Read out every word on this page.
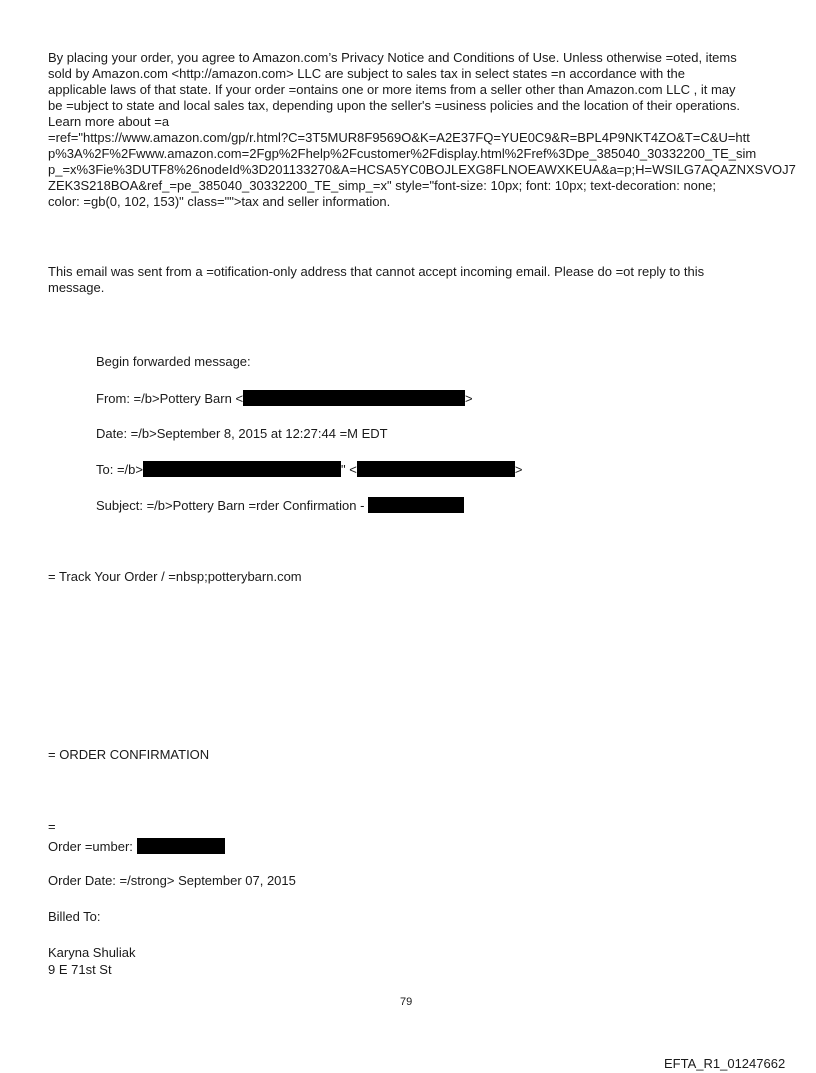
By placing your order, you agree to Amazon.com’s Privacy Notice and Conditions of Use. Unless otherwise =oted, items
sold by Amazon.com <http://amazon.com> LLC are subject to sales tax in select states =n accordance with the
applicable laws of that state. If your order =ontains one or more items from a seller other than Amazon.com LLC , it may
be =ubject to state and local sales tax, depending upon the seller's =usiness policies and the location of their operations.
Learn more about =a
=ref="https://www.amazon.com/gp/r.html?C=3T5MUR8F9569O&K=A2E37FQ=YUE0C9&R=BPL4P9NKT4ZO&T=C&U=htt
p%3A%2F%2Fwww.amazon.com=2Fgp%2Fhelp%2Fcustomer%2Fdisplay.html%2Fref%3Dpe_385040_30332200_TE_sim
p_=x%3Fie%3DUTF8%26nodeId%3D201133270&A=HCSA5YC0BOJLEXG8FLNOEAWXKEUA&a=p;H=WSILG7AQAZNXSVOJ7
ZEK3S218BOA&ref_=pe_385040_30332200_TE_simp_=x" style="font-size: 10px; font: 10px; text-decoration: none;
color: =gb(0, 102, 153)" class="">tax and seller information.
This email was sent from a =otification-only address that cannot accept incoming email. Please do =ot reply to this
message.
Begin forwarded message:
From: =/b>Pottery Barn <	>
Date: =/b>September 8, 2015 at 12:27:44 =M EDT
To: =/b>	" <	>
Subject: =/b>Pottery Barn =rder Confirmation -
= Track Your Order / =nbsp;potterybarn.com
= ORDER CONFIRMATION
=
Order =umber:
Order Date: =/strong> September 07, 2015
Billed To:
Karyna Shuliak
9 E 71st St
79
EFTA_R1_01247662
